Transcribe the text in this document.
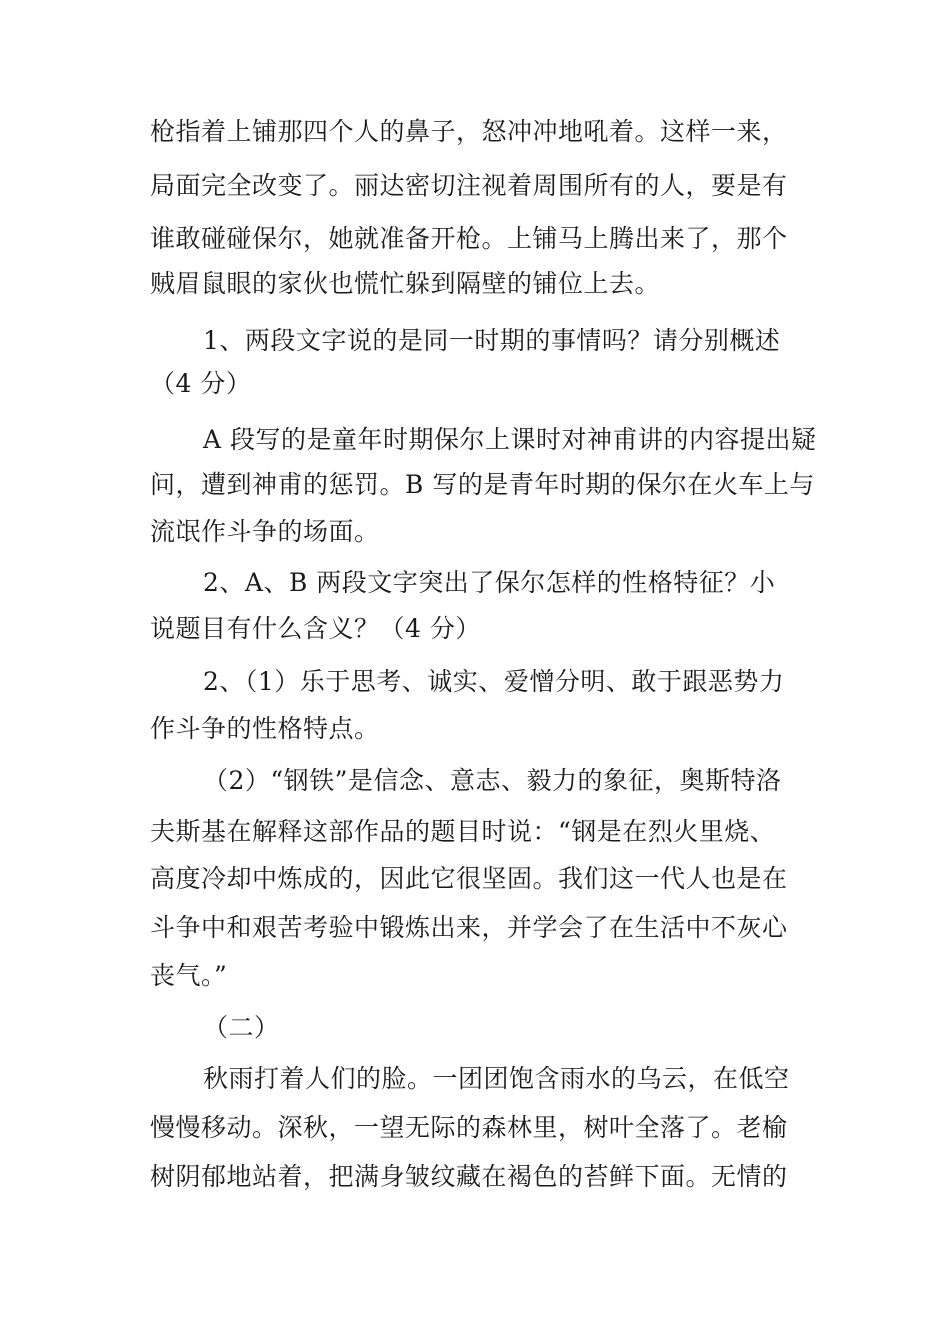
枪指着上铺那四个人的鼻子，怒冲冲地吼着。这样一来，
局面完全改变了。丽达密切注视着周围所有的人，要是有
谁敢碰碰保尔，她就准备开枪。上铺马上腾出来了，那个
贼眉鼠眼的家伙也慌忙躲到隔壁的铺位上去。
1、两段文字说的是同一时期的事情吗？请分别概述
（4 分）
A 段写的是童年时期保尔上课时对神甫讲的内容提出疑
问，遭到神甫的惩罚。B 写的是青年时期的保尔在火车上与
流氓作斗争的场面。
2、A、B 两段文字突出了保尔怎样的性格特征？小
说题目有什么含义？（4 分）
2、（1）乐于思考、诚实、爱憎分明、敢于跟恶势力
作斗争的性格特点。
（2）“钢铁”是信念、意志、毅力的象征，奥斯特洛
夫斯基在解释这部作品的题目时说：“钢是在烈火里烧、
高度冷却中炼成的，因此它很坚固。我们这一代人也是在
斗争中和艰苦考验中锻炼出来，并学会了在生活中不灰心
丧气。”
（二）
秋雨打着人们的脸。一团团饱含雨水的乌云，在低空
慢慢移动。深秋，一望无际的森林里，树叶全落了。老榆
树阴郁地站着，把满身皱纹藏在褐色的苔鲜下面。无情的
